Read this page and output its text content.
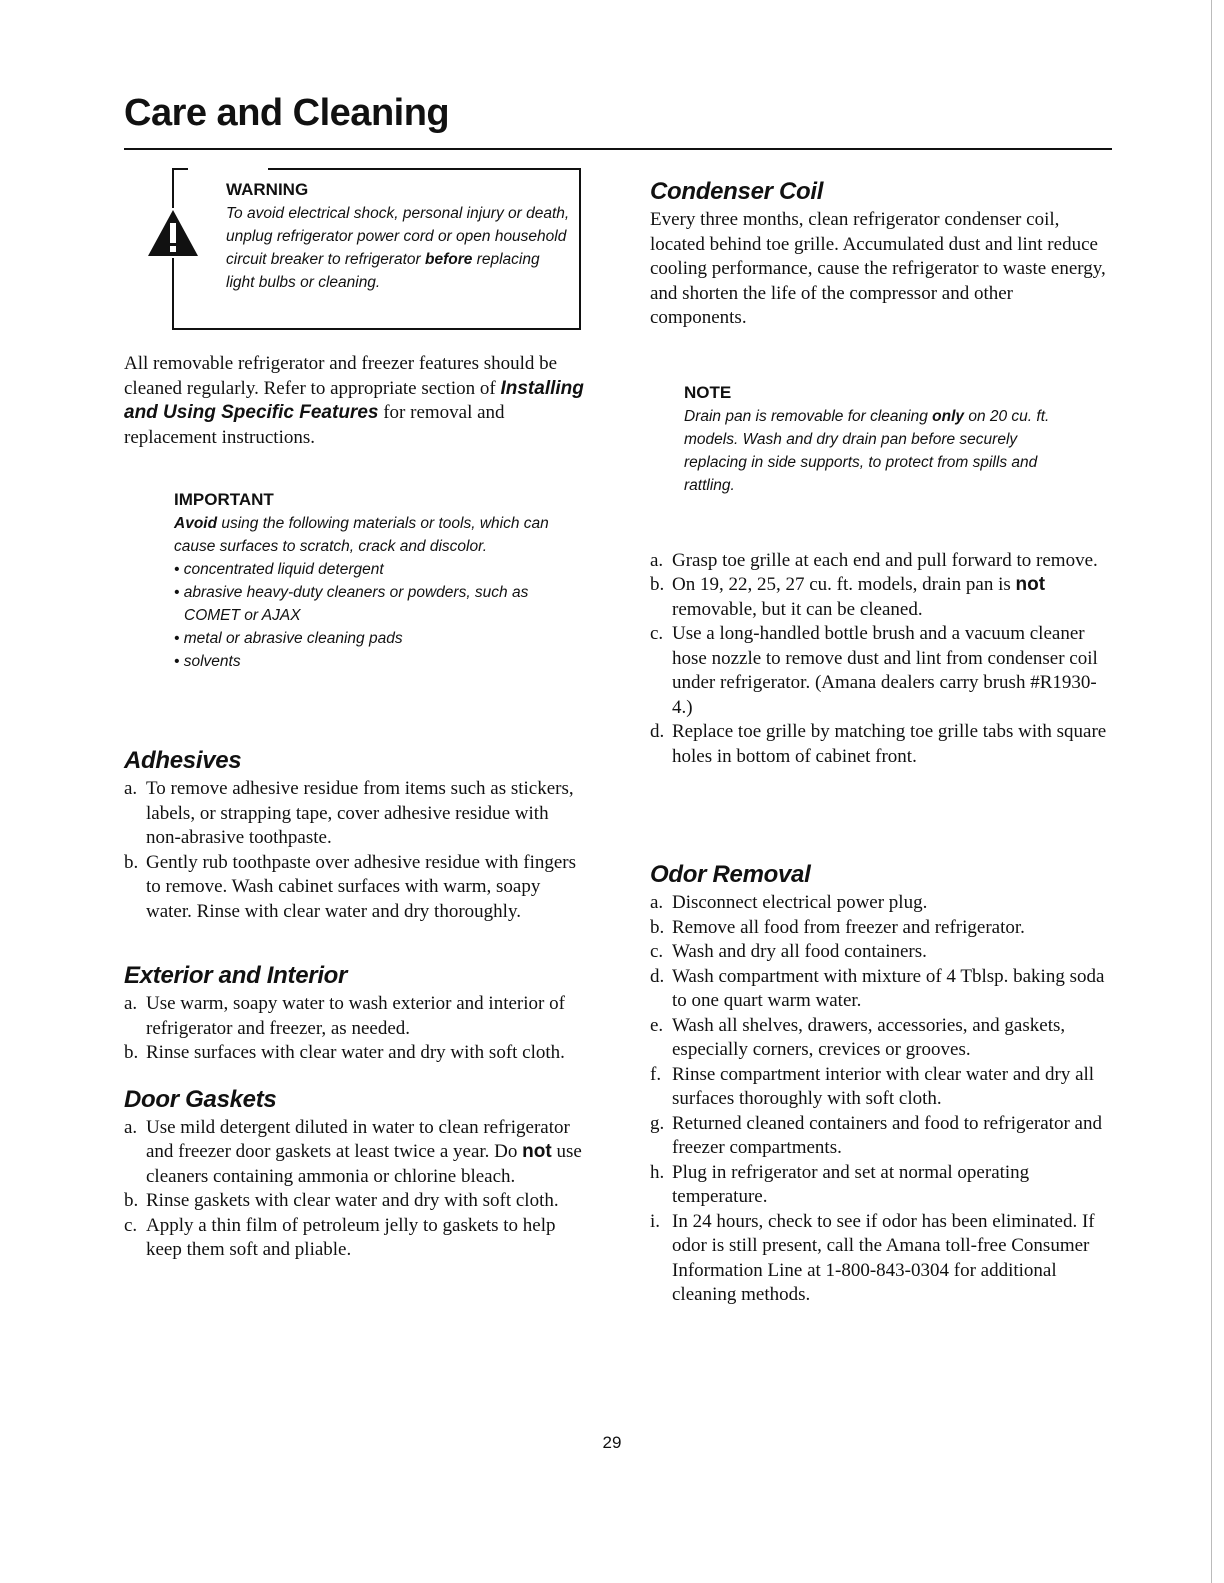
Care and Cleaning

WARNING

To avoid electrical shock, personal injury or death, unplug refrigerator power cord or open household circuit breaker to refrigerator before replacing light bulbs or cleaning.

All removable refrigerator and freezer features should be cleaned regularly. Refer to appropriate section of Installing and Using Specific Features for removal and replacement instructions.

IMPORTANT

Avoid using the following materials or tools, which can cause surfaces to scratch, crack and discolor.

• concentrated liquid detergent
• abrasive heavy-duty cleaners or powders, such as COMET or AJAX
• metal or abrasive cleaning pads
• solvents
Adhesives
a. To remove adhesive residue from items such as stickers, labels, or strapping tape, cover adhesive residue with non-abrasive toothpaste.
b. Gently rub toothpaste over adhesive residue with fingers to remove. Wash cabinet surfaces with warm, soapy water. Rinse with clear water and dry thoroughly.
Exterior and Interior
a. Use warm, soapy water to wash exterior and interior of refrigerator and freezer, as needed.
b. Rinse surfaces with clear water and dry with soft cloth.
Door Gaskets
a. Use mild detergent diluted in water to clean refrigerator and freezer door gaskets at least twice a year. Do not use cleaners containing ammonia or chlorine bleach.
b. Rinse gaskets with clear water and dry with soft cloth.
c. Apply a thin film of petroleum jelly to gaskets to help keep them soft and pliable.
Condenser Coil

Every three months, clean refrigerator condenser coil, located behind toe grille. Accumulated dust and lint reduce cooling performance, cause the refrigerator to waste energy, and shorten the life of the compressor and other components.

NOTE

Drain pan is removable for cleaning only on 20 cu. ft. models. Wash and dry drain pan before securely replacing in side supports, to protect from spills and rattling.

a. Grasp toe grille at each end and pull forward to remove.
b. On 19, 22, 25, 27 cu. ft. models, drain pan is not removable, but it can be cleaned.
c. Use a long-handled bottle brush and a vacuum cleaner hose nozzle to remove dust and lint from condenser coil under refrigerator. (Amana dealers carry brush #R1930-4.)
d. Replace toe grille by matching toe grille tabs with square holes in bottom of cabinet front.
Odor Removal
a. Disconnect electrical power plug.
b. Remove all food from freezer and refrigerator.
c. Wash and dry all food containers.
d. Wash compartment with mixture of 4 Tblsp. baking soda to one quart warm water.
e. Wash all shelves, drawers, accessories, and gaskets, especially corners, crevices or grooves.
f. Rinse compartment interior with clear water and dry all surfaces thoroughly with soft cloth.
g. Returned cleaned containers and food to refrigerator and freezer compartments.
h. Plug in refrigerator and set at normal operating temperature.
i. In 24 hours, check to see if odor has been eliminated. If odor is still present, call the Amana toll-free Consumer Information Line at 1-800-843-0304 for additional cleaning methods.
29
